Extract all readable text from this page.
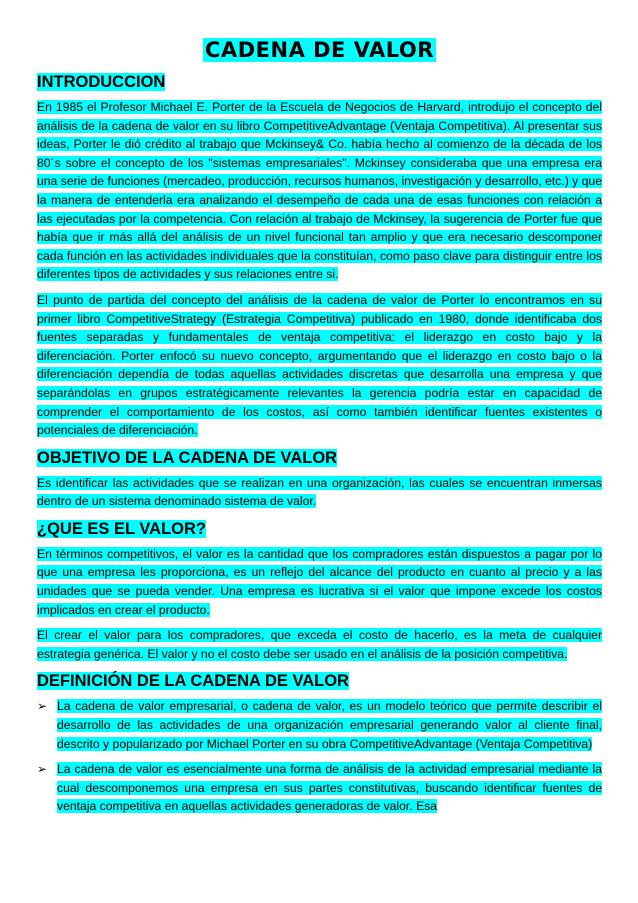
CADENA DE VALOR
INTRODUCCION

En 1985 el Profesor Michael E. Porter de la Escuela de Negocios de Harvard, introdujo el concepto del análisis de la cadena de valor en su libro CompetitiveAdvantage (Ventaja Competitiva). Al presentar sus ideas, Porter le dió crédito al trabajo que Mckinsey& Co. había hecho al comienzo de la década de los 80´s sobre el concepto de los "sistemas empresariales". Mckinsey consideraba que una empresa era una serie de funciones (mercadeo, producción, recursos humanos, investigación y desarrollo, etc.) y que la manera de entenderla era analizando el desempeño de cada una de esas funciones con relación a las ejecutadas por la competencia. Con relación al trabajo de Mckinsey, la sugerencia de Porter fue que había que ir más allá del análisis de un nivel funcional tan amplio y que era necesario descomponer cada función en las actividades individuales que la constituían, como paso clave para distinguir entre los diferentes tipos de actividades y sus relaciones entre si.

El punto de partida del concepto del análisis de la cadena de valor de Porter lo encontramos en su primer libro CompetitiveStrategy (Estrategia Competitiva) publicado en 1980, donde identificaba dos fuentes separadas y fundamentales de ventaja competitiva: el liderazgo en costo bajo y la diferenciación. Porter enfocó su nuevo concepto, argumentando que el liderazgo en costo bajo o la diferenciación dependía de todas aquellas actividades discretas que desarrolla una empresa y que separándolas en grupos estratégicamente relevantes la gerencia podría estar en capacidad de comprender el comportamiento de los costos, así como también identificar fuentes existentes o potenciales de diferenciación.

OBJETIVO DE LA CADENA DE VALOR

Es identificar las actividades que se realizan en una organización, las cuales se encuentran inmersas dentro de un sistema denominado sistema de valor.

¿QUE ES EL VALOR?

En términos competitivos, el valor es la cantidad que los compradores están dispuestos a pagar por lo que una empresa les proporciona, es un reflejo del alcance del producto en cuanto al precio y a las unidades que se pueda vender. Una empresa es lucrativa si el valor que impone excede los costos implicados en crear el producto.

El crear el valor para los compradores, que exceda el costo de hacerlo, es la meta de cualquier estrategia genérica. El valor y no el costo debe ser usado en el análisis de la posición competitiva.

DEFINICIÓN DE LA CADENA DE VALOR
➢ La cadena de valor empresarial, o cadena de valor, es un modelo teórico que permite describir el desarrollo de las actividades de una organización empresarial generando valor al cliente final, descrito y popularizado por Michael Porter en su obra CompetitiveAdvantage (Ventaja Competitiva)
➢ La cadena de valor es esencialmente una forma de análisis de la actividad empresarial mediante la cual descomponemos una empresa en sus partes constitutivas, buscando identificar fuentes de ventaja competitiva en aquellas actividades generadoras de valor. Esa
